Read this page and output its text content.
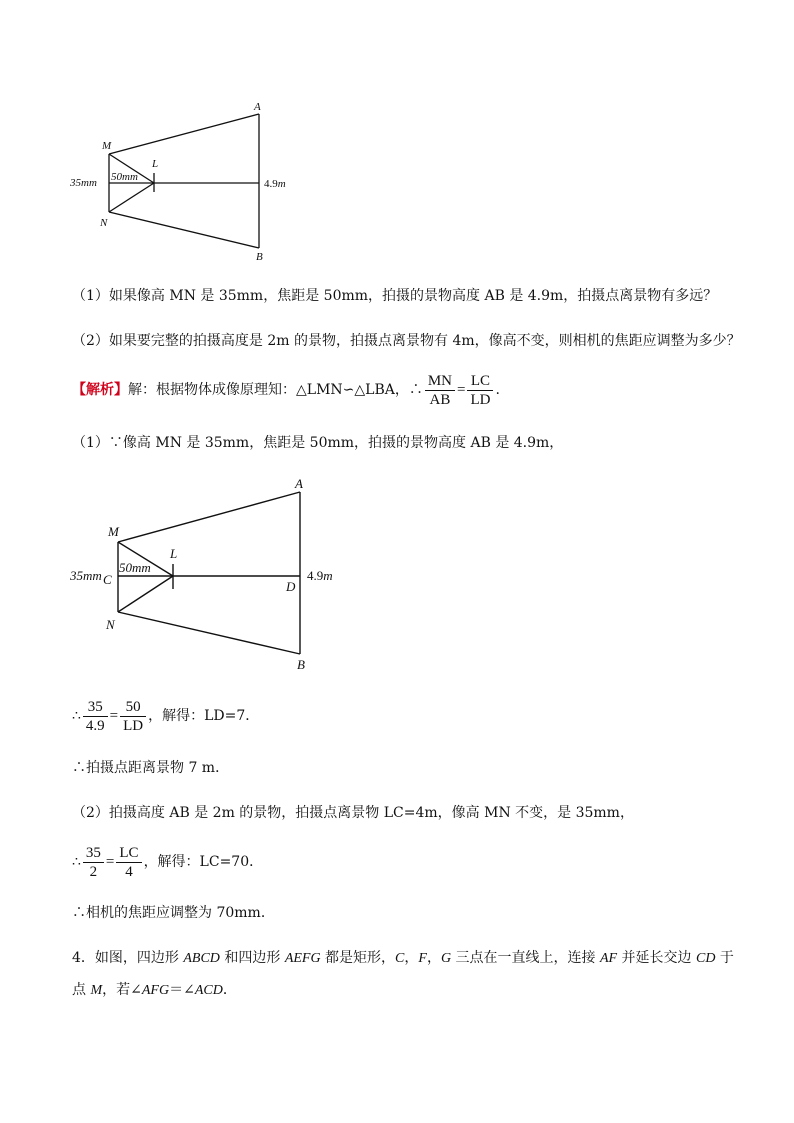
A
B
M
N
L
35mm 50mm
4.9m
（1）如果像高 MN 是 35mm，焦距是 50mm，拍摄的景物高度 AB 是 4.9m，拍摄点离景物有多远？
（2）如果要完整的拍摄高度是 2m 的景物，拍摄点离景物有 4m，像高不变，则相机的焦距应调整为多少？
【解析】解：根据物体成像原理知：△LMN∽△LBA，∴ $\frac{MN}{AB} = \frac{LC}{LD}$ .
（1）∵像高 MN 是 35mm，焦距是 50mm，拍摄的景物高度 AB 是 4.9m，
A
B
M
N
L
C	D
35mm
50mm
4.9m
∴ $\frac{35}{4.9} = \frac{50}{LD}$ ，解得：LD=7．
∴拍摄点距离景物 7 m．
（2）拍摄高度 AB 是 2m 的景物，拍摄点离景物 LC=4m，像高 MN 不变，是 35mm，
∴ $\frac{35}{2} = \frac{LC}{4}$ ，解得：LC=70．
∴相机的焦距应调整为 70mm．
4．如图，四边形 ABCD 和四边形 AEFG 都是矩形，C，F，G 三点在一直线上，连接 AF 并延长交边 CD 于
点 M，若∠AFG＝∠ACD．
